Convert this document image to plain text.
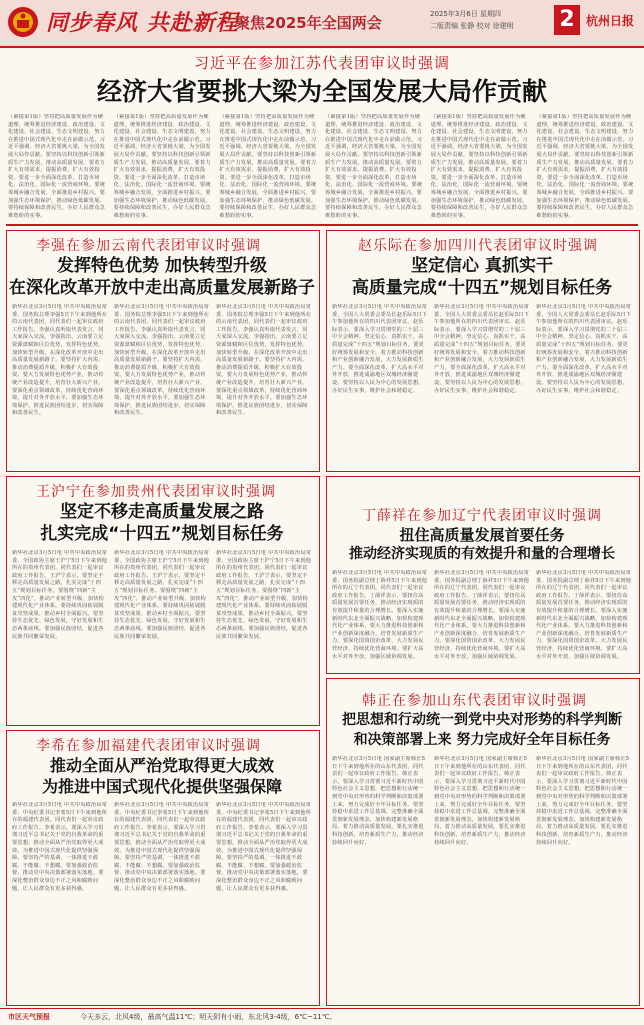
同步春风 共赴新程
聚焦2025年全国两会	2025年3月6日 星期四
二版责编 张静 校对 徐建明 2 杭州日报
习近平在参加江苏代表团审议时强调
经济大省要挑大梁为全国发展大局作贡献
（紧接第1版）坚持把高质量发展作为硬道理，统筹推进经济建设、政治建设、文化建设、社会建设、生态文明建设，努力在推进中国式现代化中走在前做示范。习近平强调，经济大省要挑大梁，为全国发展大局作贡献。要坚持以科技创新引领新质生产力发展，推动高质量发展。要着力扩大有效需求，提振消费，扩大有效投资。要进一步全面深化改革，打造市场化、法治化、国际化一流营商环境。要统筹城乡融合发展，全面推进乡村振兴。要加强生态环境保护，推动绿色低碳发展。要持续保障和改善民生，办好人民群众急难愁盼的实事。
（紧接第1版）坚持把高质量发展作为硬道理，统筹推进经济建设、政治建设、文化建设、社会建设、生态文明建设，努力在推进中国式现代化中走在前做示范。习近平强调，经济大省要挑大梁，为全国发展大局作贡献。要坚持以科技创新引领新质生产力发展，推动高质量发展。要着力扩大有效需求，提振消费，扩大有效投资。要进一步全面深化改革，打造市场化、法治化、国际化一流营商环境。要统筹城乡融合发展，全面推进乡村振兴。要加强生态环境保护，推动绿色低碳发展。要持续保障和改善民生，办好人民群众急难愁盼的实事。
（紧接第1版）坚持把高质量发展作为硬道理，统筹推进经济建设、政治建设、文化建设、社会建设、生态文明建设，努力在推进中国式现代化中走在前做示范。习近平强调，经济大省要挑大梁，为全国发展大局作贡献。要坚持以科技创新引领新质生产力发展，推动高质量发展。要着力扩大有效需求，提振消费，扩大有效投资。要进一步全面深化改革，打造市场化、法治化、国际化一流营商环境。要统筹城乡融合发展，全面推进乡村振兴。要加强生态环境保护，推动绿色低碳发展。要持续保障和改善民生，办好人民群众急难愁盼的实事。
（紧接第1版）坚持把高质量发展作为硬道理，统筹推进经济建设、政治建设、文化建设、社会建设、生态文明建设，努力在推进中国式现代化中走在前做示范。习近平强调，经济大省要挑大梁，为全国发展大局作贡献。要坚持以科技创新引领新质生产力发展，推动高质量发展。要着力扩大有效需求，提振消费，扩大有效投资。要进一步全面深化改革，打造市场化、法治化、国际化一流营商环境。要统筹城乡融合发展，全面推进乡村振兴。要加强生态环境保护，推动绿色低碳发展。要持续保障和改善民生，办好人民群众急难愁盼的实事。
（紧接第1版）坚持把高质量发展作为硬道理，统筹推进经济建设、政治建设、文化建设、社会建设、生态文明建设，努力在推进中国式现代化中走在前做示范。习近平强调，经济大省要挑大梁，为全国发展大局作贡献。要坚持以科技创新引领新质生产力发展，推动高质量发展。要着力扩大有效需求，提振消费，扩大有效投资。要进一步全面深化改革，打造市场化、法治化、国际化一流营商环境。要统筹城乡融合发展，全面推进乡村振兴。要加强生态环境保护，推动绿色低碳发展。要持续保障和改善民生，办好人民群众急难愁盼的实事。
（紧接第1版）坚持把高质量发展作为硬道理，统筹推进经济建设、政治建设、文化建设、社会建设、生态文明建设，努力在推进中国式现代化中走在前做示范。习近平强调，经济大省要挑大梁，为全国发展大局作贡献。要坚持以科技创新引领新质生产力发展，推动高质量发展。要着力扩大有效需求，提振消费，扩大有效投资。要进一步全面深化改革，打造市场化、法治化、国际化一流营商环境。要统筹城乡融合发展，全面推进乡村振兴。要加强生态环境保护，推动绿色低碳发展。要持续保障和改善民生，办好人民群众急难愁盼的实事。
李强在参加云南代表团审议时强调
发挥特色优势 加快转型升级
在深化改革开放中走出高质量发展新路子
新华社北京3月5日电 中共中央政治局常委、国务院总理李强5日下午来到他所在的云南代表团，同代表们一起审议政府工作报告。李强认真听取代表发言，同大家深入交流。李强指出，云南要立足资源禀赋和区位优势，发挥特色优势，加快转型升级，在深化改革开放中走出高质量发展新路子。要坚持扩大内需，推动消费提质升级，积极扩大有效投资。要大力发展特色优势产业，推动传统产业改造提升，培育壮大新兴产业。要深化重点领域改革，持续优化营商环境，提升对外开放水平。要加强生态环境保护，推进民族团结进步，切实保障和改善民生。
新华社北京3月5日电 中共中央政治局常委、国务院总理李强5日下午来到他所在的云南代表团，同代表们一起审议政府工作报告。李强认真听取代表发言，同大家深入交流。李强指出，云南要立足资源禀赋和区位优势，发挥特色优势，加快转型升级，在深化改革开放中走出高质量发展新路子。要坚持扩大内需，推动消费提质升级，积极扩大有效投资。要大力发展特色优势产业，推动传统产业改造提升，培育壮大新兴产业。要深化重点领域改革，持续优化营商环境，提升对外开放水平。要加强生态环境保护，推进民族团结进步，切实保障和改善民生。
新华社北京3月5日电 中共中央政治局常委、国务院总理李强5日下午来到他所在的云南代表团，同代表们一起审议政府工作报告。李强认真听取代表发言，同大家深入交流。李强指出，云南要立足资源禀赋和区位优势，发挥特色优势，加快转型升级，在深化改革开放中走出高质量发展新路子。要坚持扩大内需，推动消费提质升级，积极扩大有效投资。要大力发展特色优势产业，推动传统产业改造提升，培育壮大新兴产业。要深化重点领域改革，持续优化营商环境，提升对外开放水平。要加强生态环境保护，推进民族团结进步，切实保障和改善民生。
赵乐际在参加四川代表团审议时强调
坚定信心 真抓实干
高质量完成“十四五”规划目标任务
新华社北京3月5日电 中共中央政治局常委、全国人大常委会委员长赵乐际5日下午参加他所在的四川代表团审议。赵乐际表示，要深入学习贯彻党的二十届三中全会精神，坚定信心、真抓实干，高质量完成“十四五”规划目标任务。要更好统筹发展和安全，着力推动科技创新和产业创新融合发展，大力发展新质生产力。要全面深化改革，扩大高水平对外开放，推进成渝地区双城经济圈建设。要坚持以人民为中心的发展思想，办好民生实事，维护社会和谐稳定。
新华社北京3月5日电 中共中央政治局常委、全国人大常委会委员长赵乐际5日下午参加他所在的四川代表团审议。赵乐际表示，要深入学习贯彻党的二十届三中全会精神，坚定信心、真抓实干，高质量完成“十四五”规划目标任务。要更好统筹发展和安全，着力推动科技创新和产业创新融合发展，大力发展新质生产力。要全面深化改革，扩大高水平对外开放，推进成渝地区双城经济圈建设。要坚持以人民为中心的发展思想，办好民生实事，维护社会和谐稳定。
新华社北京3月5日电 中共中央政治局常委、全国人大常委会委员长赵乐际5日下午参加他所在的四川代表团审议。赵乐际表示，要深入学习贯彻党的二十届三中全会精神，坚定信心、真抓实干，高质量完成“十四五”规划目标任务。要更好统筹发展和安全，着力推动科技创新和产业创新融合发展，大力发展新质生产力。要全面深化改革，扩大高水平对外开放，推进成渝地区双城经济圈建设。要坚持以人民为中心的发展思想，办好民生实事，维护社会和谐稳定。
王沪宁在参加贵州代表团审议时强调
坚定不移走高质量发展之路
扎实完成“十四五”规划目标任务
新华社北京3月5日电 中共中央政治局常委、全国政协主席王沪宁5日下午来到他所在的贵州代表团，同代表们一起审议政府工作报告。王沪宁表示，要坚定不移走高质量发展之路，扎实完成“十四五”规划目标任务。要围绕“四新”主攻“四化”，推动产业转型升级，加快构建现代化产业体系。要持续巩固拓展脱贫攻坚成果，推动乡村全面振兴。要坚持生态优先、绿色发展，守好发展和生态两条底线。要加强民族团结，促进各民族共同繁荣发展。
新华社北京3月5日电 中共中央政治局常委、全国政协主席王沪宁5日下午来到他所在的贵州代表团，同代表们一起审议政府工作报告。王沪宁表示，要坚定不移走高质量发展之路，扎实完成“十四五”规划目标任务。要围绕“四新”主攻“四化”，推动产业转型升级，加快构建现代化产业体系。要持续巩固拓展脱贫攻坚成果，推动乡村全面振兴。要坚持生态优先、绿色发展，守好发展和生态两条底线。要加强民族团结，促进各民族共同繁荣发展。
新华社北京3月5日电 中共中央政治局常委、全国政协主席王沪宁5日下午来到他所在的贵州代表团，同代表们一起审议政府工作报告。王沪宁表示，要坚定不移走高质量发展之路，扎实完成“十四五”规划目标任务。要围绕“四新”主攻“四化”，推动产业转型升级，加快构建现代化产业体系。要持续巩固拓展脱贫攻坚成果，推动乡村全面振兴。要坚持生态优先、绿色发展，守好发展和生态两条底线。要加强民族团结，促进各民族共同繁荣发展。
丁薛祥在参加辽宁代表团审议时强调
扭住高质量发展首要任务
推动经济实现质的有效提升和量的合理增长
新华社北京3月5日电 中共中央政治局常委、国务院副总理丁薛祥5日下午来到他所在的辽宁代表团，同代表们一起审议政府工作报告。丁薛祥表示，要扭住高质量发展首要任务，推动经济实现质的有效提升和量的合理增长。要深入实施新时代东北全面振兴战略，加快构建现代化产业体系。要大力推进科技创新和产业创新深度融合，培育发展新质生产力。要深化国资国企改革，大力发展民营经济，持续优化营商环境。要扩大高水平对外开放，加强区域协调发展。
新华社北京3月5日电 中共中央政治局常委、国务院副总理丁薛祥5日下午来到他所在的辽宁代表团，同代表们一起审议政府工作报告。丁薛祥表示，要扭住高质量发展首要任务，推动经济实现质的有效提升和量的合理增长。要深入实施新时代东北全面振兴战略，加快构建现代化产业体系。要大力推进科技创新和产业创新深度融合，培育发展新质生产力。要深化国资国企改革，大力发展民营经济，持续优化营商环境。要扩大高水平对外开放，加强区域协调发展。
新华社北京3月5日电 中共中央政治局常委、国务院副总理丁薛祥5日下午来到他所在的辽宁代表团，同代表们一起审议政府工作报告。丁薛祥表示，要扭住高质量发展首要任务，推动经济实现质的有效提升和量的合理增长。要深入实施新时代东北全面振兴战略，加快构建现代化产业体系。要大力推进科技创新和产业创新深度融合，培育发展新质生产力。要深化国资国企改革，大力发展民营经济，持续优化营商环境。要扩大高水平对外开放，加强区域协调发展。
李希在参加福建代表团审议时强调
推动全面从严治党取得更大成效
为推进中国式现代化提供坚强保障
新华社北京3月5日电 中共中央政治局常委、中央纪委书记李希5日下午来到他所在的福建代表团，同代表们一起审议政府工作报告。李希表示，要深入学习贯彻习近平总书记关于党的自我革命的重要思想，推动全面从严治党取得更大成效，为推进中国式现代化提供坚强保障。要坚持严的基调，一体推进不敢腐、不能腐、不想腐。要加强政治监督，推动党中央决策部署落实落地。要深化整治群众身边不正之风和腐败问题，让人民群众有更多获得感。
新华社北京3月5日电 中共中央政治局常委、中央纪委书记李希5日下午来到他所在的福建代表团，同代表们一起审议政府工作报告。李希表示，要深入学习贯彻习近平总书记关于党的自我革命的重要思想，推动全面从严治党取得更大成效，为推进中国式现代化提供坚强保障。要坚持严的基调，一体推进不敢腐、不能腐、不想腐。要加强政治监督，推动党中央决策部署落实落地。要深化整治群众身边不正之风和腐败问题，让人民群众有更多获得感。
新华社北京3月5日电 中共中央政治局常委、中央纪委书记李希5日下午来到他所在的福建代表团，同代表们一起审议政府工作报告。李希表示，要深入学习贯彻习近平总书记关于党的自我革命的重要思想，推动全面从严治党取得更大成效，为推进中国式现代化提供坚强保障。要坚持严的基调，一体推进不敢腐、不能腐、不想腐。要加强政治监督，推动党中央决策部署落实落地。要深化整治群众身边不正之风和腐败问题，让人民群众有更多获得感。
韩正在参加山东代表团审议时强调
把思想和行动统一到党中央对形势的科学判断
和决策部署上来 努力完成好全年目标任务
新华社北京3月5日电 国家副主席韩正5日下午来到他所在的山东代表团，同代表们一起审议政府工作报告。韩正表示，要深入学习贯彻习近平新时代中国特色社会主义思想，把思想和行动统一到党中央对形势的科学判断和决策部署上来，努力完成好全年目标任务。要坚持稳中求进工作总基调，完整准确全面贯彻新发展理念，加快构建新发展格局，着力推动高质量发展。要扎实推进科技创新，培育新质生产力，推动经济持续回升向好。
新华社北京3月5日电 国家副主席韩正5日下午来到他所在的山东代表团，同代表们一起审议政府工作报告。韩正表示，要深入学习贯彻习近平新时代中国特色社会主义思想，把思想和行动统一到党中央对形势的科学判断和决策部署上来，努力完成好全年目标任务。要坚持稳中求进工作总基调，完整准确全面贯彻新发展理念，加快构建新发展格局，着力推动高质量发展。要扎实推进科技创新，培育新质生产力，推动经济持续回升向好。
新华社北京3月5日电 国家副主席韩正5日下午来到他所在的山东代表团，同代表们一起审议政府工作报告。韩正表示，要深入学习贯彻习近平新时代中国特色社会主义思想，把思想和行动统一到党中央对形势的科学判断和决策部署上来，努力完成好全年目标任务。要坚持稳中求进工作总基调，完整准确全面贯彻新发展理念，加快构建新发展格局，着力推动高质量发展。要扎实推进科技创新，培育新质生产力，推动经济持续回升向好。
市区天气预报	今天多云，北风4级，最高气温11℃；明天阴有小雨，东北风3-4级，6℃~11℃。
